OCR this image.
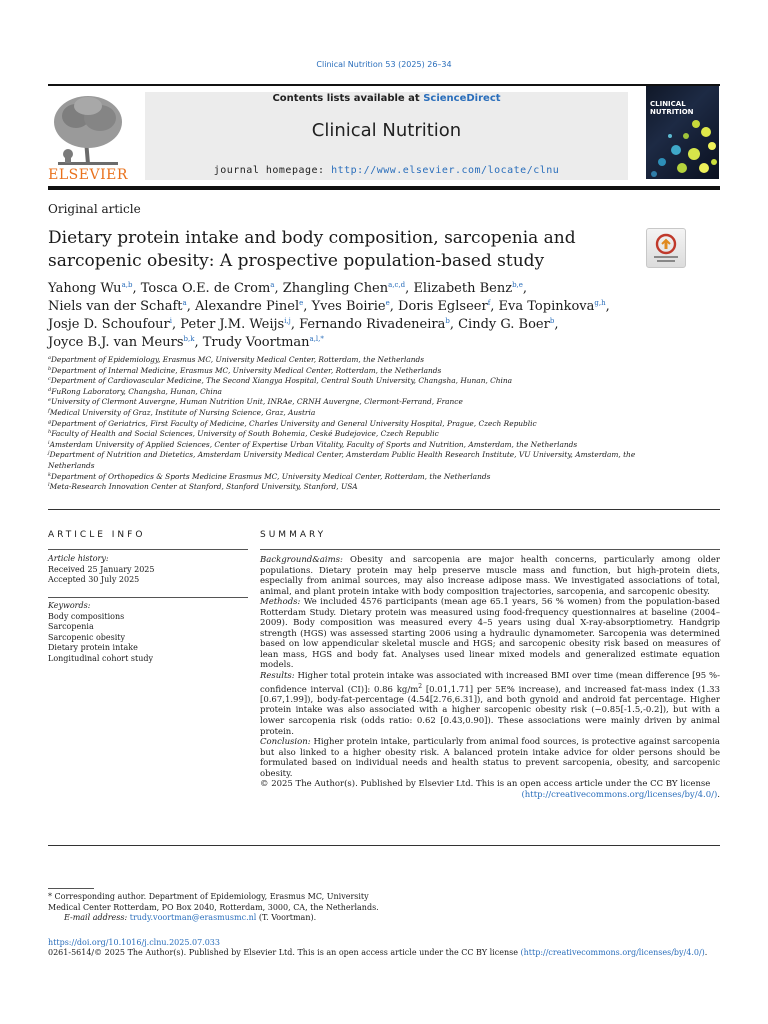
Clinical Nutrition 53 (2025) 26–34
ELSEVIER
Contents lists available at ScienceDirect
Clinical Nutrition
journal homepage: http://www.elsevier.com/locate/clnu
CLINICAL
NUTRITION
Original article
Dietary protein intake and body composition, sarcopenia and sarcopenic obesity: A prospective population-based study
Yahong Wu$^{a,b}$, Tosca O.E. de Crom$^a$, Zhangling Chen$^{a,c,d}$, Elizabeth Benz$^{b,e}$,
Niels van der Schaft$^a$, Alexandre Pinel$^e$, Yves Boirie$^e$, Doris Eglseer$^f$, Eva Topinkova$^{g,h}$,
Josje D. Schoufour$^i$, Peter J.M. Weijs$^{i,j}$, Fernando Rivadeneira$^b$, Cindy G. Boer$^b$,
Joyce B.J. van Meurs$^{b,k}$, Trudy Voortman$^{a,l,*}$
$^a$Department of Epidemiology, Erasmus MC, University Medical Center, Rotterdam, the Netherlands
$^b$Department of Internal Medicine, Erasmus MC, University Medical Center, Rotterdam, the Netherlands
$^c$Department of Cardiovascular Medicine, The Second Xiangya Hospital, Central South University, Changsha, Hunan, China
$^d$FuRong Laboratory, Changsha, Hunan, China
$^e$University of Clermont Auvergne, Human Nutrition Unit, INRAe, CRNH Auvergne, Clermont-Ferrand, France
$^f$Medical University of Graz, Institute of Nursing Science, Graz, Austria
$^g$Department of Geriatrics, First Faculty of Medicine, Charles University and General University Hospital, Prague, Czech Republic
$^h$Faculty of Health and Social Sciences, University of South Bohemia, Ceské Budejovice, Czech Republic
$^i$Amsterdam University of Applied Sciences, Center of Expertise Urban Vitality, Faculty of Sports and Nutrition, Amsterdam, the Netherlands
$^j$Department of Nutrition and Dietetics, Amsterdam University Medical Center, Amsterdam Public Health Research Institute, VU University, Amsterdam, the Netherlands
$^k$Department of Orthopedics & Sports Medicine Erasmus MC, University Medical Center, Rotterdam, the Netherlands
$^l$Meta-Research Innovation Center at Stanford, Stanford University, Stanford, USA
ARTICLE INFO
Article history:
Received 25 January 2025
Accepted 30 July 2025
Keywords:
Body compositions
Sarcopenia
Sarcopenic obesity
Dietary protein intake
Longitudinal cohort study
SUMMARY

Background&aims: Obesity and sarcopenia are major health concerns, particularly among older populations. Dietary protein may help preserve muscle mass and function, but high-protein diets, especially from animal sources, may also increase adipose mass. We investigated associations of total, animal, and plant protein intake with body composition trajectories, sarcopenia, and sarcopenic obesity.

Methods: We included 4576 participants (mean age 65.1 years, 56 % women) from the population-based Rotterdam Study. Dietary protein was measured using food-frequency questionnaires at baseline (2004–2009). Body composition was measured every 4–5 years using dual X-ray-absorptiometry. Handgrip strength (HGS) was assessed starting 2006 using a hydraulic dynamometer. Sarcopenia was determined based on low appendicular skeletal muscle and HGS; and sarcopenic obesity risk based on measures of lean mass, HGS and body fat. Analyses used linear mixed models and generalized estimate equation models.

Results: Higher total protein intake was associated with increased BMI over time (mean difference [95 %-confidence interval (CI)]: 0.86 $kg/m^2$ [0.01,1.71] per 5E% increase), and increased fat-mass index (1.33 [0.67,1.99]), body-fat-percentage (4.54[2.76,6.31]), and both gynoid and android fat percentage. Higher protein intake was also associated with a higher sarcopenic obesity risk (−0.85[-1.5,-0.2]), but with a lower sarcopenia risk (odds ratio: 0.62 [0.43,0.90]). These associations were mainly driven by animal protein.

Conclusion: Higher protein intake, particularly from animal food sources, is protective against sarcopenia but also linked to a higher obesity risk. A balanced protein intake advice for older persons should be formulated based on individual needs and health status to prevent sarcopenia, obesity, and sarcopenic obesity.

© 2025 The Author(s). Published by Elsevier Ltd. This is an open access article under the CC BY license

(http://creativecommons.org/licenses/by/4.0/).

* Corresponding author. Department of Epidemiology, Erasmus MC, University Medical Center Rotterdam, PO Box 2040, Rotterdam, 3000, CA, the Netherlands.
E-mail address: trudy.voortman@erasmusmc.nl (T. Voortman).
https://doi.org/10.1016/j.clnu.2025.07.033
0261-5614/© 2025 The Author(s). Published by Elsevier Ltd. This is an open access article under the CC BY license (http://creativecommons.org/licenses/by/4.0/).
